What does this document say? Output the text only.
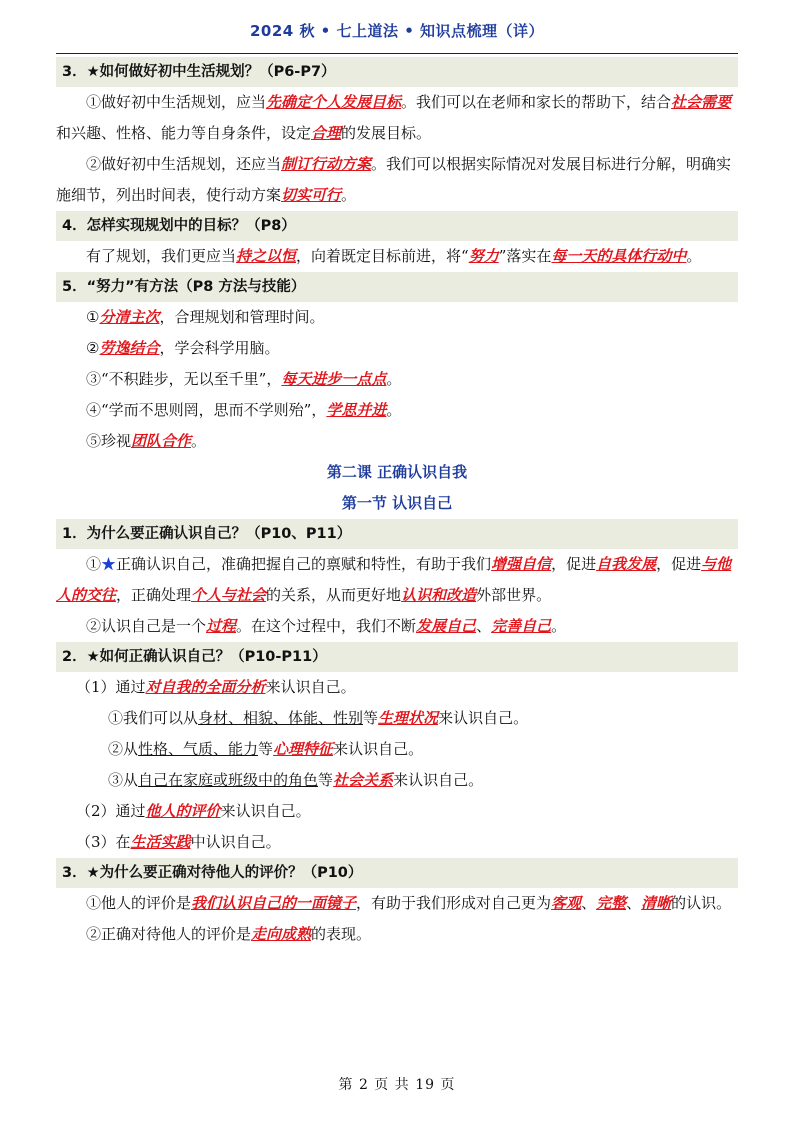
2024 秋 • 七上道法 • 知识点梳理（详）
3．★如何做好初中生活规划？（P6-P7）

①做好初中生活规划，应当先确定个人发展目标。我们可以在老师和家长的帮助下，结合社会需要和兴趣、性格、能力等自身条件，设定合理的发展目标。

②做好初中生活规划，还应当制订行动方案。我们可以根据实际情况对发展目标进行分解，明确实施细节，列出时间表，使行动方案切实可行。

4．怎样实现规划中的目标？（P8）

有了规划，我们更应当持之以恒，向着既定目标前进，将“努力”落实在每一天的具体行动中。

5．“努力”有方法（P8 方法与技能）

①分清主次，合理规划和管理时间。

②劳逸结合，学会科学用脑。

③“不积跬步，无以至千里”，每天进步一点点。

④“学而不思则罔，思而不学则殆”，学思并进。

⑤珍视团队合作。

第二课 正确认识自我

第一节 认识自己

1．为什么要正确认识自己？（P10、P11）

①★正确认识自己，准确把握自己的禀赋和特性，有助于我们增强自信，促进自我发展，促进与他人的交往，正确处理个人与社会的关系，从而更好地认识和改造外部世界。

②认识自己是一个过程。在这个过程中，我们不断发展自己、完善自己。

2．★如何正确认识自己？（P10-P11）

（1）通过对自我的全面分析来认识自己。

①我们可以从身材、相貌、体能、性别等生理状况来认识自己。

②从性格、气质、能力等心理特征来认识自己。

③从自己在家庭或班级中的角色等社会关系来认识自己。

（2）通过他人的评价来认识自己。

（3）在生活实践中认识自己。

3．★为什么要正确对待他人的评价？（P10）

①他人的评价是我们认识自己的一面镜子，有助于我们形成对自己更为客观、完整、清晰的认识。

②正确对待他人的评价是走向成熟的表现。

第 2 页 共 19 页
